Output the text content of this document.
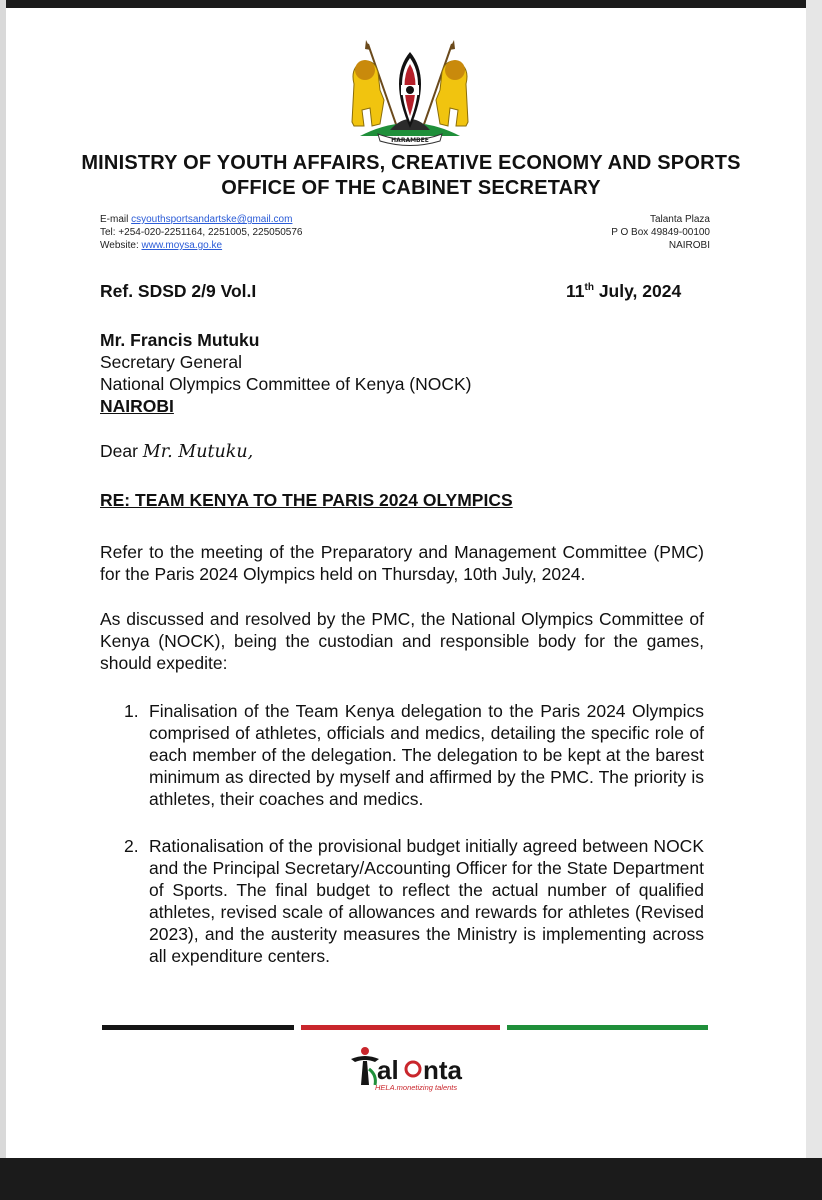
HARAMBEE
MINISTRY OF YOUTH AFFAIRS, CREATIVE ECONOMY AND SPORTS
OFFICE OF THE CABINET SECRETARY
E-mail csyouthsportsandartske@gmail.com
Tel: +254-020-2251164, 2251005, 225050576
Website: www.moysa.go.ke
Talanta Plaza
P O Box 49849-00100
NAIROBI
Ref. SDSD 2/9 Vol.I	11th July, 2024
Mr. Francis Mutuku
Secretary General
National Olympics Committee of Kenya (NOCK)
NAIROBI
Dear Mr. Mutuku,
RE: TEAM KENYA TO THE PARIS 2024 OLYMPICS
Refer to the meeting of the Preparatory and Management Committee (PMC) for the Paris 2024 Olympics held on Thursday, 10th July, 2024.
As discussed and resolved by the PMC, the National Olympics Committee of Kenya (NOCK), being the custodian and responsible body for the games, should expedite:
1. Finalisation of the Team Kenya delegation to the Paris 2024 Olympics comprised of athletes, officials and medics, detailing the specific role of each member of the delegation. The delegation to be kept at the barest minimum as directed by myself and affirmed by the PMC. The priority is athletes, their coaches and medics.
2. Rationalisation of the provisional budget initially agreed between NOCK and the Principal Secretary/Accounting Officer for the State Department of Sports. The final budget to reflect the actual number of qualified athletes, revised scale of allowances and rewards for athletes (Revised 2023), and the austerity measures the Ministry is implementing across all expenditure centers.
al nta
HELA.monetizing talents
